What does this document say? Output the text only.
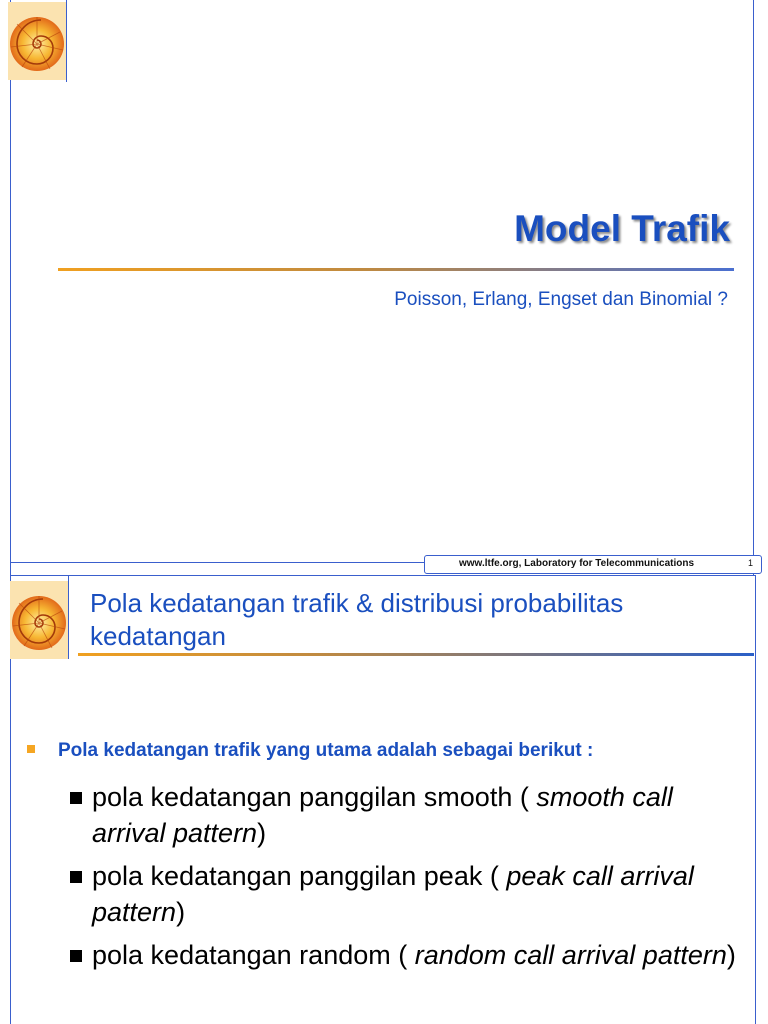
Model Trafik
Poisson, Erlang, Engset dan Binomial ?
www.ltfe.org, Laboratory for Telecommunications	1
Pola kedatangan trafik & distribusi probabilitas kedatangan
Pola kedatangan trafik yang utama adalah sebagai berikut :
pola kedatangan panggilan smooth ( smooth call arrival pattern)
pola kedatangan panggilan peak ( peak call arrival pattern)
pola kedatangan random ( random call arrival pattern)
